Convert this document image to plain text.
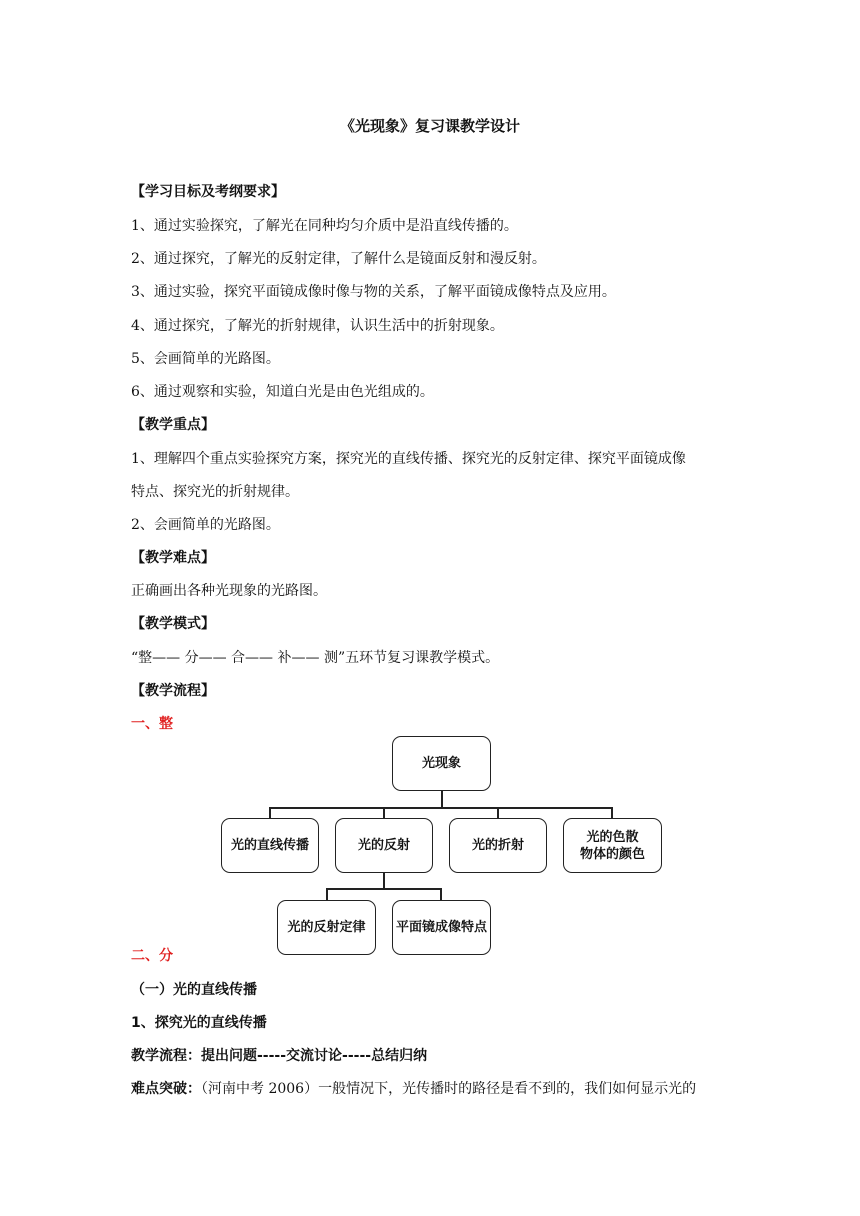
《光现象》复习课教学设计
【学习目标及考纲要求】
1、通过实验探究，了解光在同种均匀介质中是沿直线传播的。
2、通过探究，了解光的反射定律，了解什么是镜面反射和漫反射。
3、通过实验，探究平面镜成像时像与物的关系，了解平面镜成像特点及应用。
4、通过探究，了解光的折射规律，认识生活中的折射现象。
5、会画简单的光路图。
6、通过观察和实验，知道白光是由色光组成的。
【教学重点】
1、理解四个重点实验探究方案，探究光的直线传播、探究光的反射定律、探究平面镜成像
特点、探究光的折射规律。
2、会画简单的光路图。
【教学难点】
正确画出各种光现象的光路图。
【教学模式】
“整—— 分—— 合—— 补—— 测”五环节复习课教学模式。
【教学流程】
一、整
光现象
光的直线传播	光的反射	光的折射
光的色散
物体的颜色
光的反射定律	平面镜成像特点
二、分
（一）光的直线传播
1、探究光的直线传播
教学流程：提出问题-----交流讨论-----总结归纳
难点突破：（河南中考 2006）一般情况下，光传播时的路径是看不到的，我们如何显示光的
